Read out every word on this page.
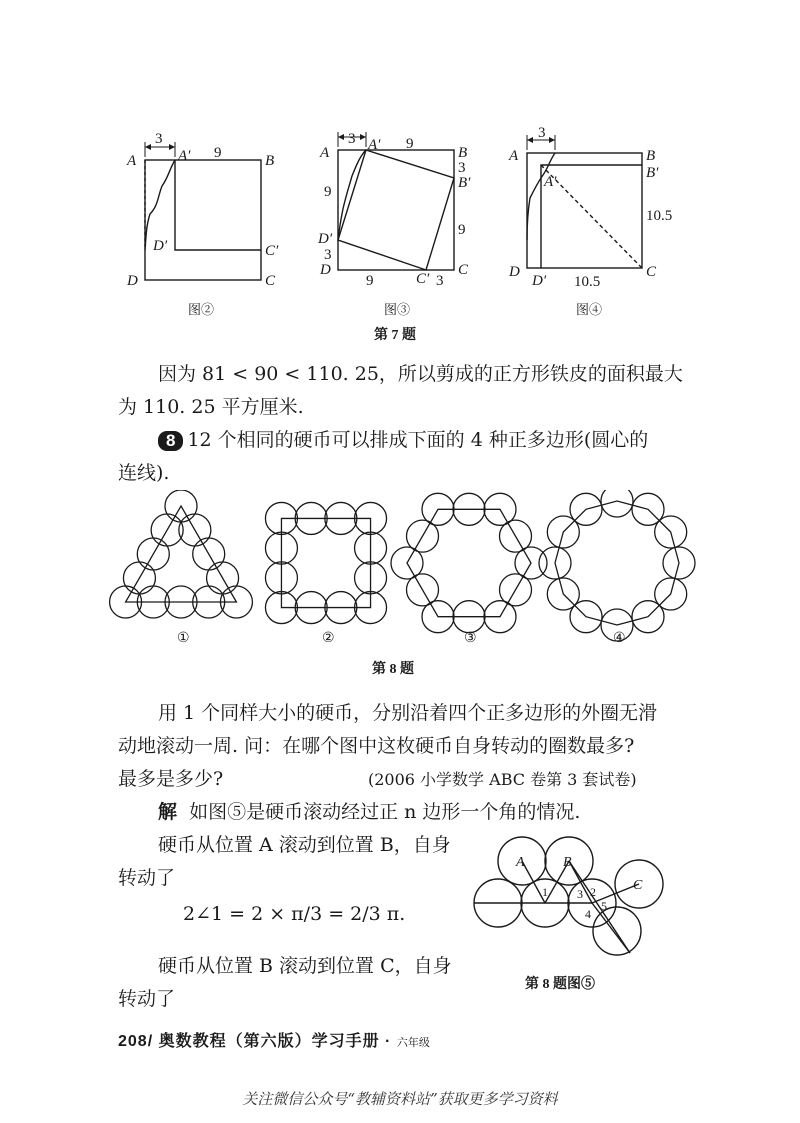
A	A′	B
C′
C
D
D′
3
9
图②
A	A′	B
B′
C
C′
D
D′
3	9
3
9
9
3
9	3
图③
A
A′
B
B′
C
D
D′
3
10.5
10.5
图④
第 7 题

因为 81 < 90 < 110. 25，所以剪成的正方形铁皮的面积最大

为 110. 25 平方厘米.

8 12 个相同的硬币可以排成下面的 4 种正多边形(圆心的

连线).

①	②	③	④
第 8 题

用 1 个同样大小的硬币，分别沿着四个正多边形的外圈无滑

动地滚动一周. 问：在哪个图中这枚硬币自身转动的圈数最多?

最多是多少?	(2006 小学数学 ABC 卷第 3 套试卷)

解 如图⑤是硬币滚动经过正 n 边形一个角的情况.

硬币从位置 A 滚动到位置 B，自身

转动了

2∠1 = 2 × π/3 = 2/3 π.

硬币从位置 B 滚动到位置 C，自身

转动了

A	B
C
1	2
3
4
5
第 8 题图⑤
208/ 奥数教程（第六版）学习手册 · 六年级
关注微信公众号“教辅资料站”获取更多学习资料
